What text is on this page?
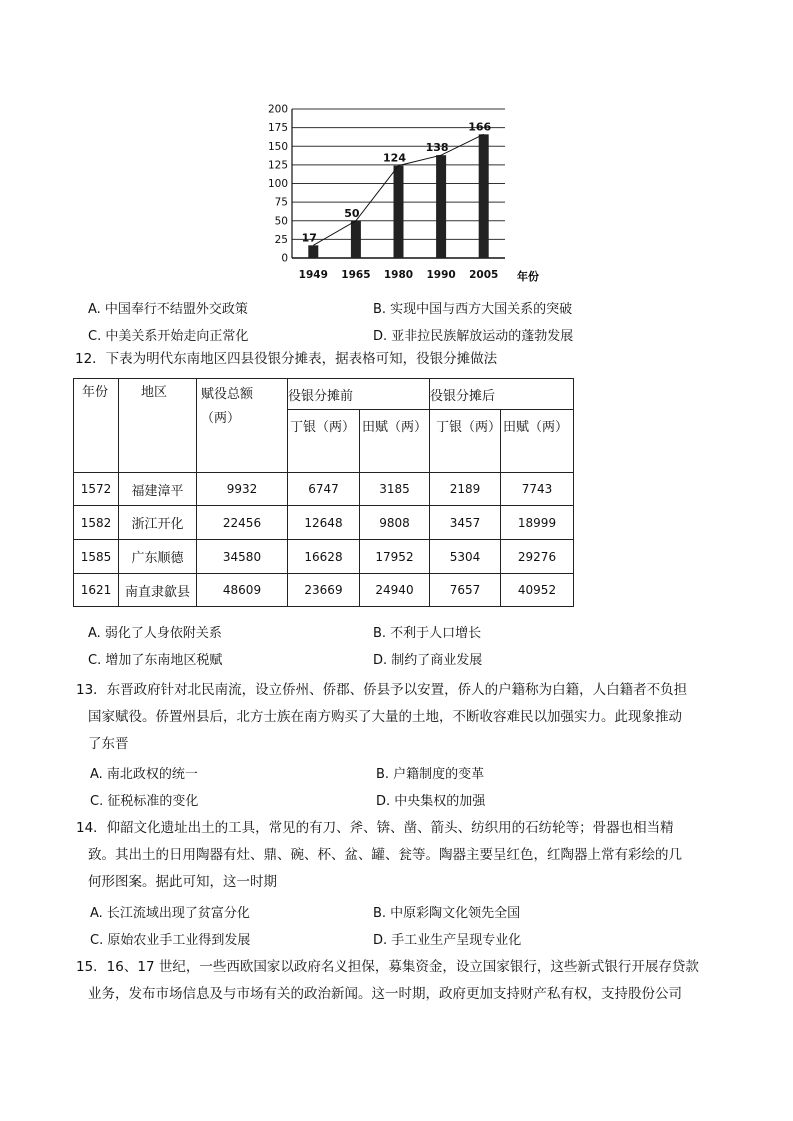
0
25
50
75
100
125
150
175
200
1949 1965 1980 1990 2005
17
50
124
138
166
年份
A. 中国奉行不结盟外交政策	B. 实现中国与西方大国关系的突破
C. 中美关系开始走向正常化	D. 亚非拉民族解放运动的蓬勃发展
12．下表为明代东南地区四县役银分摊表，据表格可知，役银分摊做法
年份	地区	赋役总额（两）	役银分摊前		役银分摊后	
			丁银（两）	田赋（两）	丁银（两）	田赋（两）
1572	福建漳平	9932	6747	3185	2189	7743
1582	浙江开化	22456	12648	9808	3457	18999
1585	广东顺德	34580	16628	17952	5304	29276
1621	南直隶歙县	48609	23669	24940	7657	40952
A. 弱化了人身依附关系	B. 不利于人口增长
C. 增加了东南地区税赋	D. 制约了商业发展
13．东晋政府针对北民南流，设立侨州、侨郡、侨县予以安置，侨人的户籍称为白籍，人白籍者不负担
国家赋役。侨置州县后，北方士族在南方购买了大量的土地，不断收容难民以加强实力。此现象推动
了东晋
A. 南北政权的统一	B. 户籍制度的变革
C. 征税标准的变化	D. 中央集权的加强
14．仰韶文化遗址出土的工具，常见的有刀、斧、锛、凿、箭头、纺织用的石纺轮等；骨器也相当精
致。其出土的日用陶器有灶、鼎、碗、杯、盆、罐、瓮等。陶器主要呈红色，红陶器上常有彩绘的几
何形图案。据此可知，这一时期
A. 长江流域出现了贫富分化	B. 中原彩陶文化领先全国
C. 原始农业手工业得到发展	D. 手工业生产呈现专业化
15．16、17 世纪，一些西欧国家以政府名义担保，募集资金，设立国家银行，这些新式银行开展存贷款
业务，发布市场信息及与市场有关的政治新闻。这一时期，政府更加支持财产私有权，支持股份公司
